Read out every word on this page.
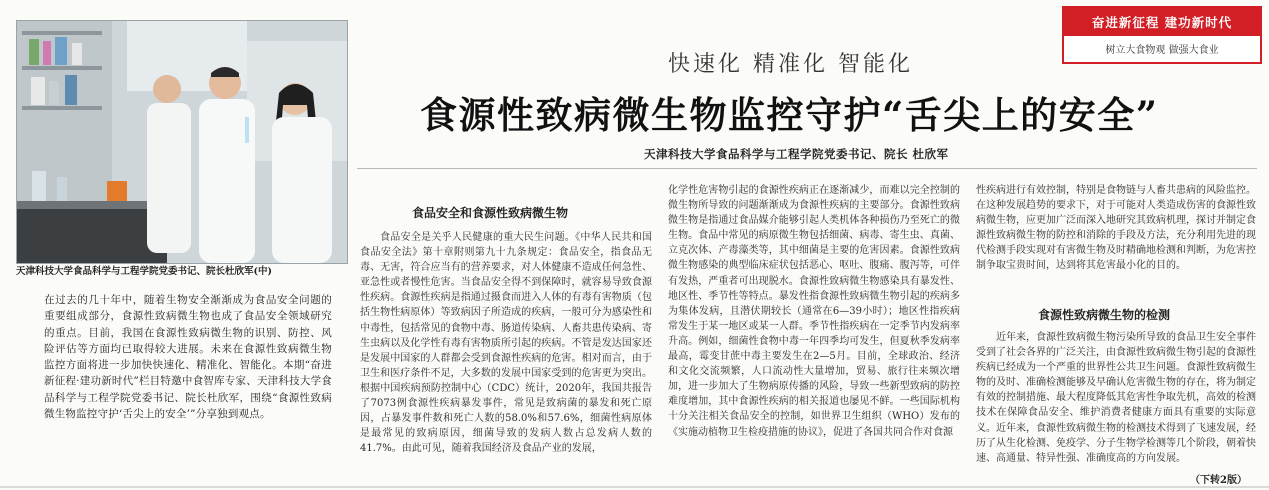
天津科技大学食品科学与工程学院党委书记、院长杜欣军(中)
在过去的几十年中，随着生物安全渐渐成为食品安全问题的重要组成部分，食源性致病微生物也成了食品安全领域研究的重点。目前，我国在食源性致病微生物的识别、防控、风险评估等方面均已取得较大进展。未来在食源性致病微生物监控方面将进一步加快快速化、精准化、智能化。本期“奋进新征程·建功新时代”栏目特邀中食智库专家、天津科技大学食品科学与工程学院党委书记、院长杜欣军，围绕“食源性致病微生物监控守护‘舌尖上的安全’”分享独到观点。
奋进新征程 建功新时代
树立大食物观 做强大食业
快速化 精准化 智能化
食源性致病微生物监控守护“舌尖上的安全”
天津科技大学食品科学与工程学院党委书记、院长 杜欣军
食品安全和食源性致病微生物

食品安全是关乎人民健康的重大民生问题。《中华人民共和国食品安全法》第十章附则第九十九条规定：食品安全，指食品无毒、无害，符合应当有的营养要求，对人体健康不造成任何急性、亚急性或者慢性危害。当食品安全得不到保障时，就容易导致食源性疾病。食源性疾病是指通过摄食而进入人体的有毒有害物质（包括生物性病原体）等致病因子所造成的疾病，一般可分为感染性和中毒性，包括常见的食物中毒、肠道传染病、人畜共患传染病、寄生虫病以及化学性有毒有害物质所引起的疾病。不管是发达国家还是发展中国家的人群都会受到食源性疾病的危害。相对而言，由于卫生和医疗条件不足，大多数的发展中国家受到的危害更为突出。根据中国疾病预防控制中心（CDC）统计，2020年，我国共报告了7073例食源性疾病暴发事件，常见是致病菌的暴发和死亡原因，占暴发事件数和死亡人数的58.0%和57.6%，细菌性病原体是最常见的致病原因，细菌导致的发病人数占总发病人数的41.7%。由此可见，随着我国经济及食品产业的发展，

化学性危害物引起的食源性疾病正在逐渐减少，而难以完全控制的微生物所导致的问题渐渐成为食源性疾病的主要部分。食源性致病微生物是指通过食品媒介能够引起人类机体各种损伤乃至死亡的微生物。食品中常见的病原微生物包括细菌、病毒、寄生虫、真菌、立克次体、产毒藻类等，其中细菌是主要的危害因素。食源性致病微生物感染的典型临床症状包括恶心、呕吐、腹痛、腹泻等，可伴有发热，严重者可出现脱水。食源性致病微生物感染具有暴发性、地区性、季节性等特点。暴发性指食源性致病微生物引起的疾病多为集体发病，且潜伏期较长（通常在6—39小时）；地区性指疾病常发生于某一地区或某一人群。季节性指疾病在一定季节内发病率升高。例如，细菌性食物中毒一年四季均可发生，但夏秋季发病率最高，霉变甘蔗中毒主要发生在2—5月。目前，全球政治、经济和文化交流频繁，人口流动性大量增加，贸易、旅行往来频次增加，进一步加大了生物病原传播的风险，导致一些新型致病的防控难度增加，其中食源性疾病的相关报道也屡见不鲜。一些国际机构十分关注相关食品安全的控制，如世界卫生组织（WHO）发布的《实施动植物卫生检疫措施的协议》，促进了各国共同合作对食源

性疾病进行有效控制，特别是食物链与人畜共患病的风险监控。在这种发展趋势的要求下，对于可能对人类造成伤害的食源性致病微生物，应更加广泛而深入地研究其致病机理，探讨并制定食源性致病微生物的防控和消除的手段及方法，充分利用先进的现代检测手段实现对有害微生物及时精确地检测和判断，为危害控制争取宝贵时间，达到将其危害最小化的目的。

食源性致病微生物的检测

近年来，食源性致病微生物污染所导致的食品卫生安全事件受到了社会各界的广泛关注，由食源性致病微生物引起的食源性疾病已经成为一个严重的世界性公共卫生问题。食源性致病微生物的及时、准确检测能够及早确认危害微生物的存在，将为制定有效的控制措施、最大程度降低其危害性争取先机，高效的检测技术在保障食品安全、维护消费者健康方面具有重要的实际意义。近年来，食源性致病微生物的检测技术得到了飞速发展，经历了从生化检测、免疫学、分子生物学检测等几个阶段，朝着快速、高通量、特异性强、准确度高的方向发展。

（下转2版）
